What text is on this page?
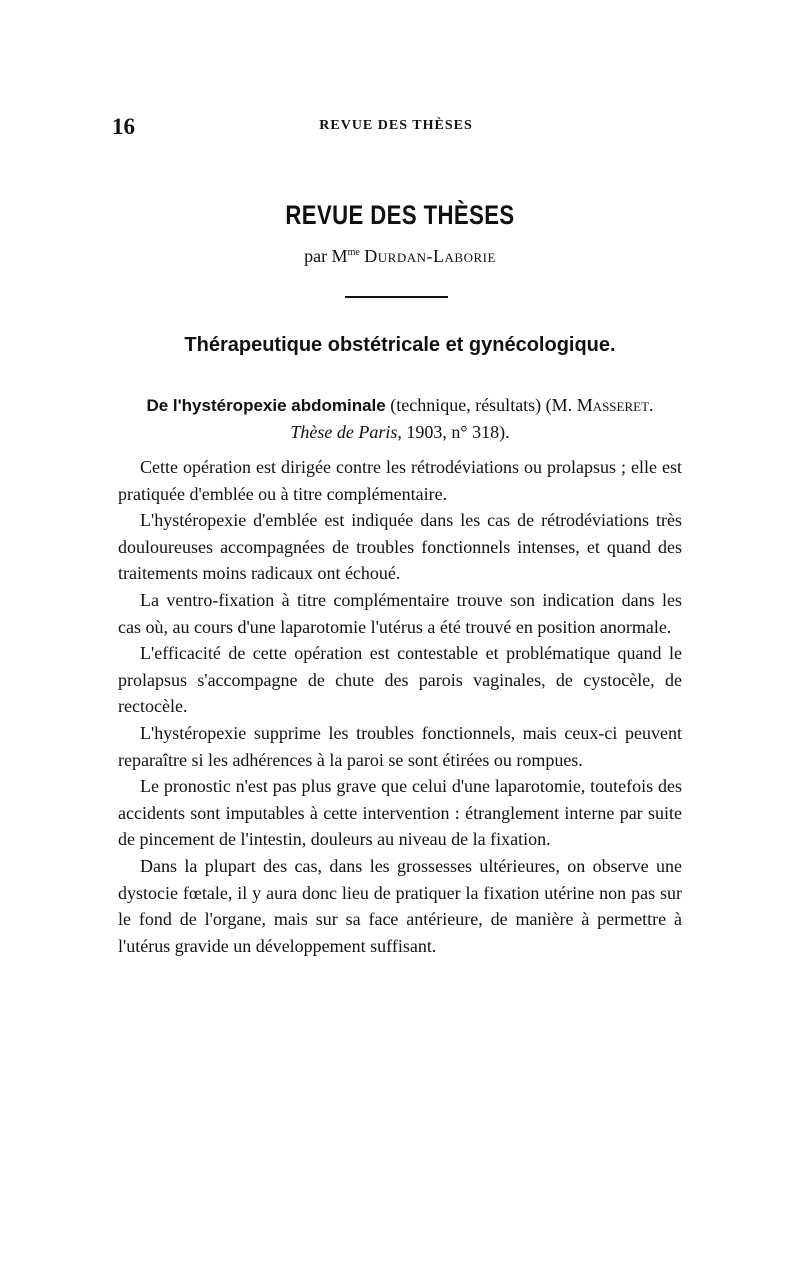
16	REVUE DES THÈSES
REVUE DES THÈSES
par $M^{me}$ Durdan-Laborie
Thérapeutique obstétricale et gynécologique.
De l'hystéropexie abdominale (technique, résultats) (M. Masseret.
Thèse de Paris, 1903, n° 318).

Cette opération est dirigée contre les rétrodéviations ou prolapsus ; elle est pratiquée d'emblée ou à titre complémentaire.

L'hystéropexie d'emblée est indiquée dans les cas de rétrodéviations très douloureuses accompagnées de troubles fonctionnels intenses, et quand des traitements moins radicaux ont échoué.

La ventro-fixation à titre complémentaire trouve son indication dans les cas où, au cours d'une laparotomie l'utérus a été trouvé en position anormale.

L'efficacité de cette opération est contestable et problématique quand le prolapsus s'accompagne de chute des parois vaginales, de cystocèle, de rectocèle.

L'hystéropexie supprime les troubles fonctionnels, mais ceux-ci peuvent reparaître si les adhérences à la paroi se sont étirées ou rompues.

Le pronostic n'est pas plus grave que celui d'une laparotomie, toutefois des accidents sont imputables à cette intervention : étranglement interne par suite de pincement de l'intestin, douleurs au niveau de la fixation.

Dans la plupart des cas, dans les grossesses ultérieures, on observe une dystocie fœtale, il y aura donc lieu de pratiquer la fixation utérine non pas sur le fond de l'organe, mais sur sa face antérieure, de manière à permettre à l'utérus gravide un développement suffisant.
